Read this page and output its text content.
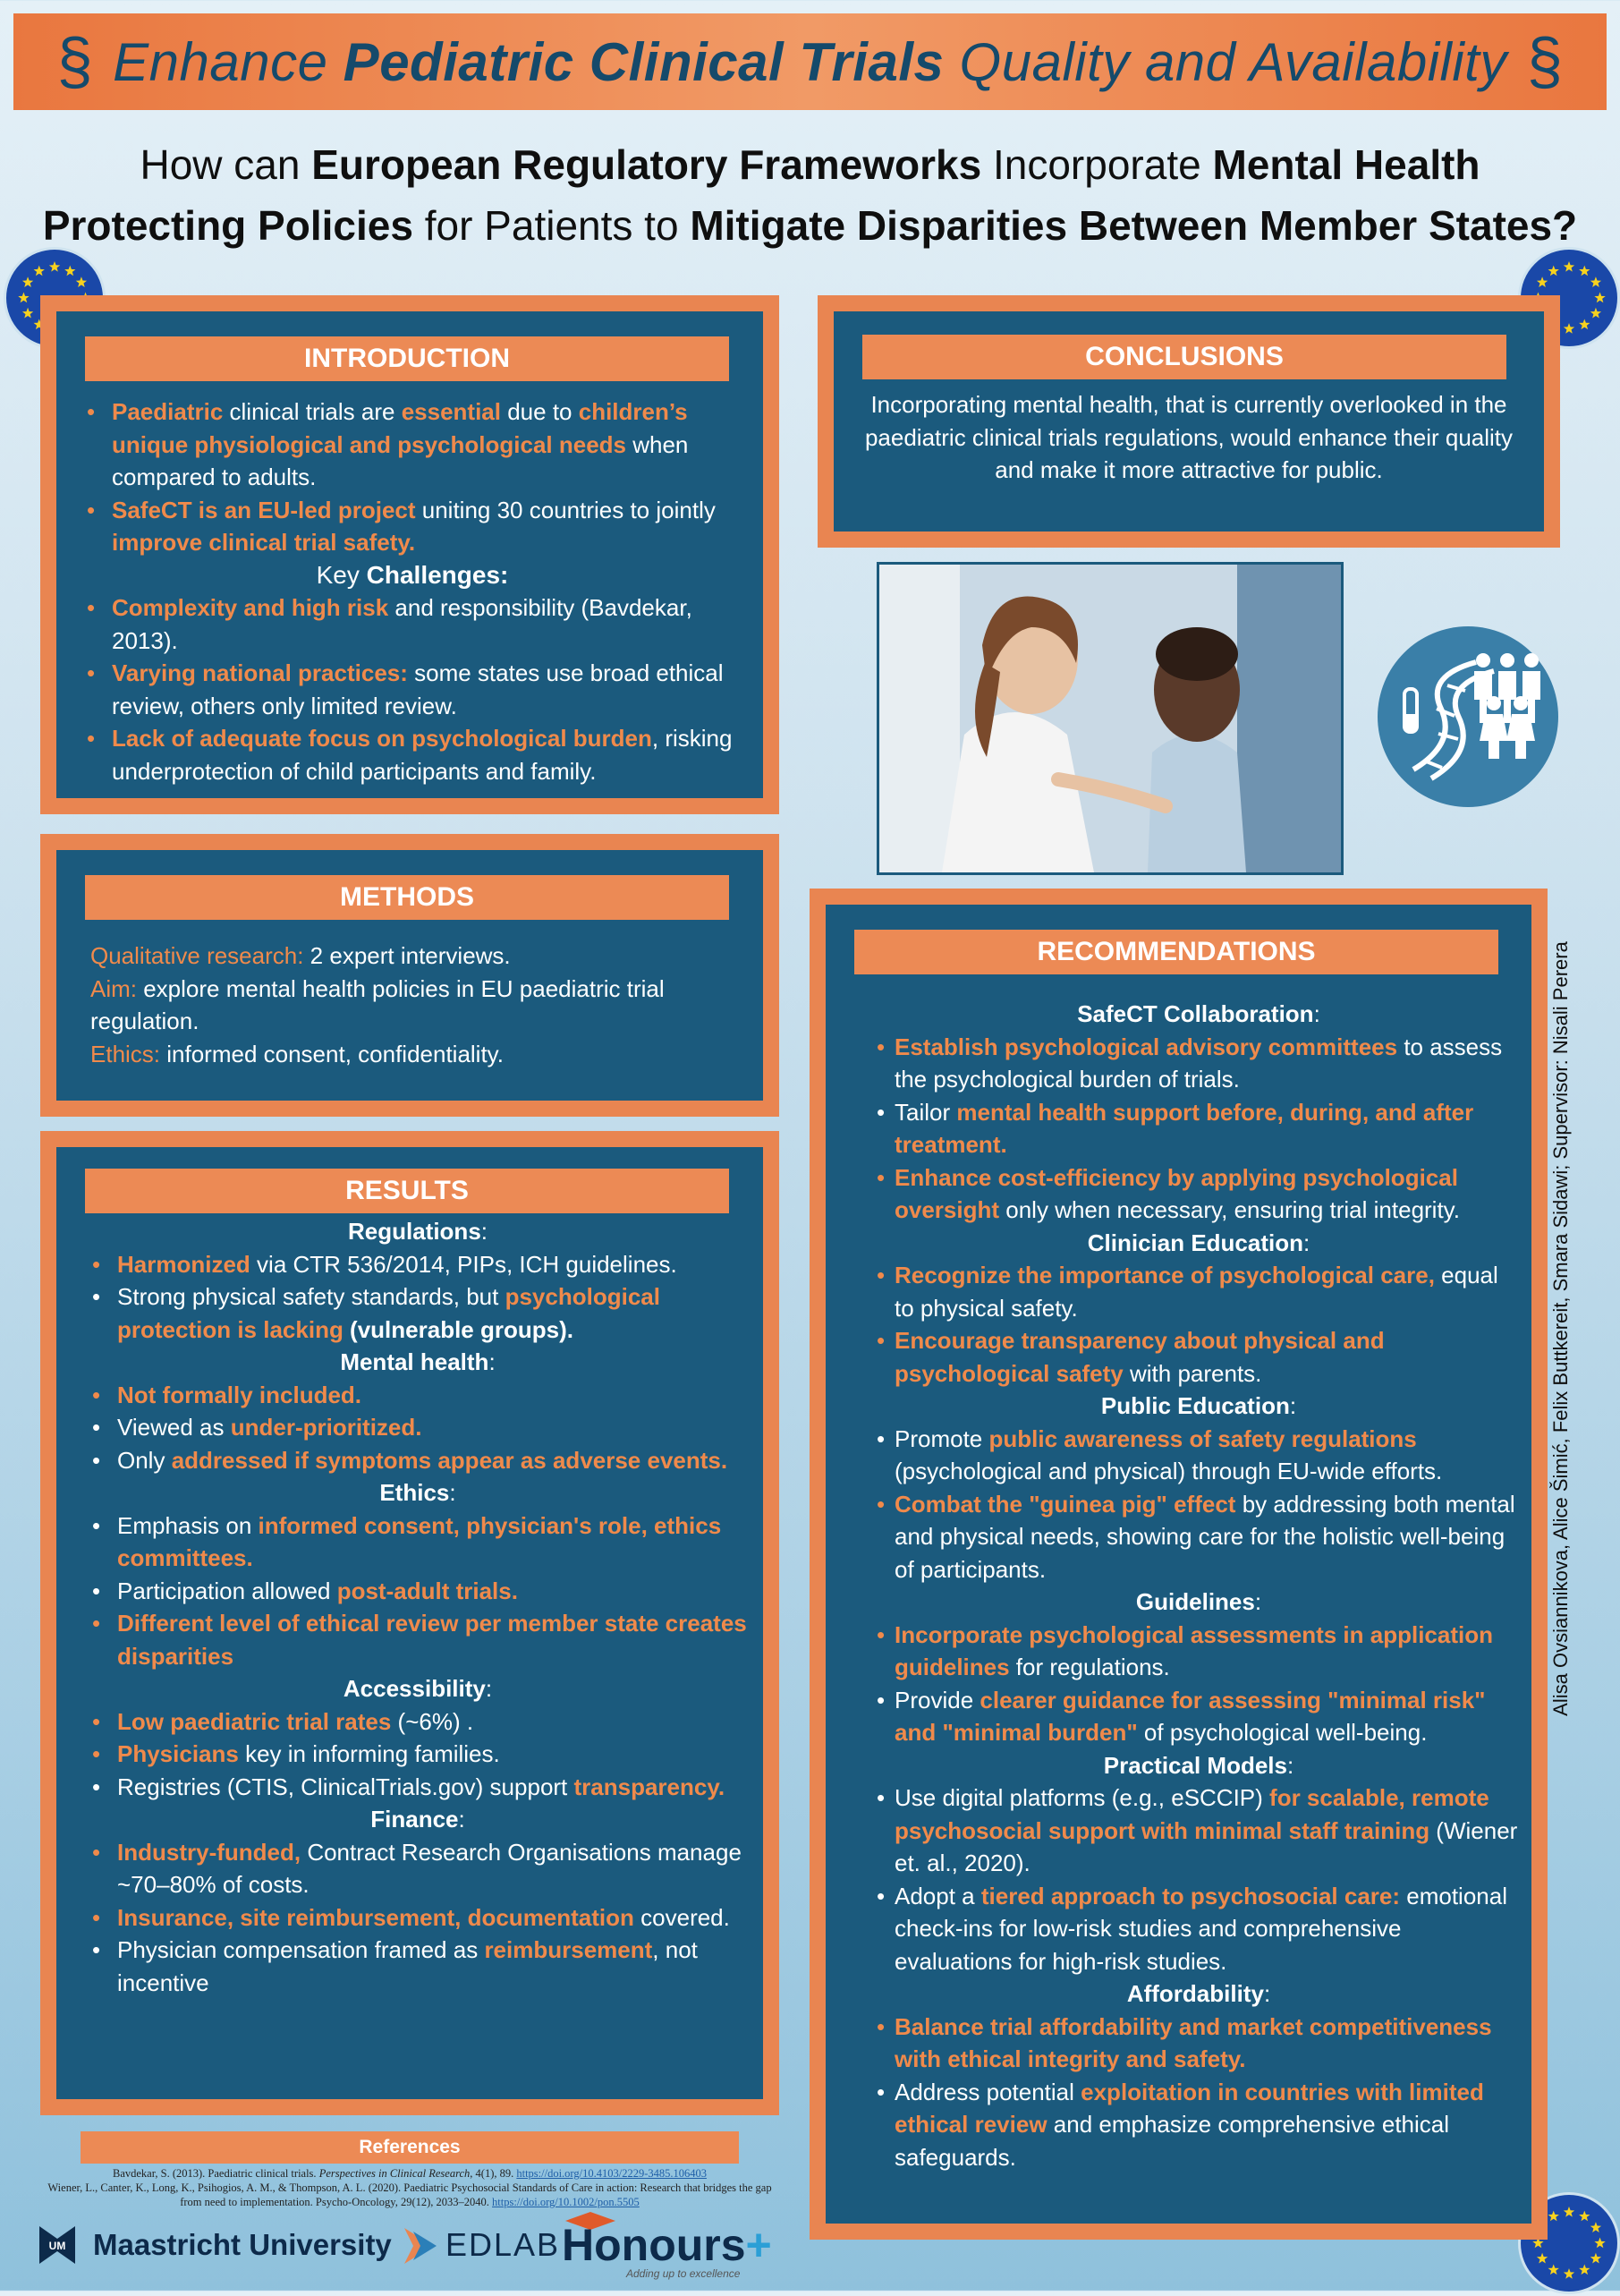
§ Enhance Pediatric Clinical Trials Quality and Availability §
How can European Regulatory Frameworks Incorporate Mental Health
Protecting Policies for Patients to Mitigate Disparities Between Member States?
INTRODUCTION
• Paediatric clinical trials are essential due to children’s unique physiological and psychological needs when compared to adults.
• SafeCT is an EU-led project uniting 30 countries to jointly improve clinical trial safety.
Key Challenges:
• Complexity and high risk and responsibility (Bavdekar, 2013).
• Varying national practices: some states use broad ethical review, others only limited review.
• Lack of adequate focus on psychological burden, risking underprotection of child participants and family.
METHODS
Qualitative research: 2 expert interviews.
Aim: explore mental health policies in EU paediatric trial regulation.
Ethics: informed consent, confidentiality.
RESULTS
Regulations:
• Harmonized via CTR 536/2014, PIPs, ICH guidelines.
• Strong physical safety standards, but psychological protection is lacking (vulnerable groups).
Mental health:
• Not formally included.
• Viewed as under-prioritized.
• Only addressed if symptoms appear as adverse events.
Ethics:
• Emphasis on informed consent, physician's role, ethics committees.
• Participation allowed post-adult trials.
• Different level of ethical review per member state creates disparities
Accessibility:
• Low paediatric trial rates (~6%) .
• Physicians key in informing families.
• Registries (CTIS, ClinicalTrials.gov) support transparency.
Finance:
• Industry-funded, Contract Research Organisations manage ~70–80% of costs.
• Insurance, site reimbursement, documentation covered.
• Physician compensation framed as reimbursement, not incentive
CONCLUSIONS
Incorporating mental health, that is currently overlooked in the paediatric clinical trials regulations, would enhance their quality and make it more attractive for public.
RECOMMENDATIONS
SafeCT Collaboration:
• Establish psychological advisory committees to assess the psychological burden of trials.
• Tailor mental health support before, during, and after treatment.
• Enhance cost-efficiency by applying psychological oversight only when necessary, ensuring trial integrity.
Clinician Education:
• Recognize the importance of psychological care, equal to physical safety.
• Encourage transparency about physical and psychological safety with parents.
Public Education:
• Promote public awareness of safety regulations (psychological and physical) through EU-wide efforts.
• Combat the "guinea pig" effect by addressing both mental and physical needs, showing care for the holistic well-being of participants.
Guidelines:
• Incorporate psychological assessments in application guidelines for regulations.
• Provide clearer guidance for assessing "minimal risk" and "minimal burden" of psychological well-being.
Practical Models:
• Use digital platforms (e.g., eSCCIP) for scalable, remote psychosocial support with minimal staff training (Wiener et. al., 2020).
• Adopt a tiered approach to psychosocial care: emotional check-ins for low-risk studies and comprehensive evaluations for high-risk studies.
Affordability:
• Balance trial affordability and market competitiveness with ethical integrity and safety.
• Address potential exploitation in countries with limited ethical review and emphasize comprehensive ethical safeguards.
Alisa Ovsiannikova, Alice Šimić, Felix Buttkereit, Smara Sidawi; Supervisor: Nisali Perera
References
Bavdekar, S. (2013). Paediatric clinical trials. Perspectives in Clinical Research, 4(1), 89. https://doi.org/10.4103/2229-3485.106403
Wiener, L., Canter, K., Long, K., Psihogios, A. M., & Thompson, A. L. (2020). Paediatric Psychosocial Standards of Care in action: Research that bridges the gap from need to implementation. Psycho-Oncology, 29(12), 2033–2040. https://doi.org/10.1002/pon.5505
UM Maastricht University EDLAB Honours+
Adding up to excellence
